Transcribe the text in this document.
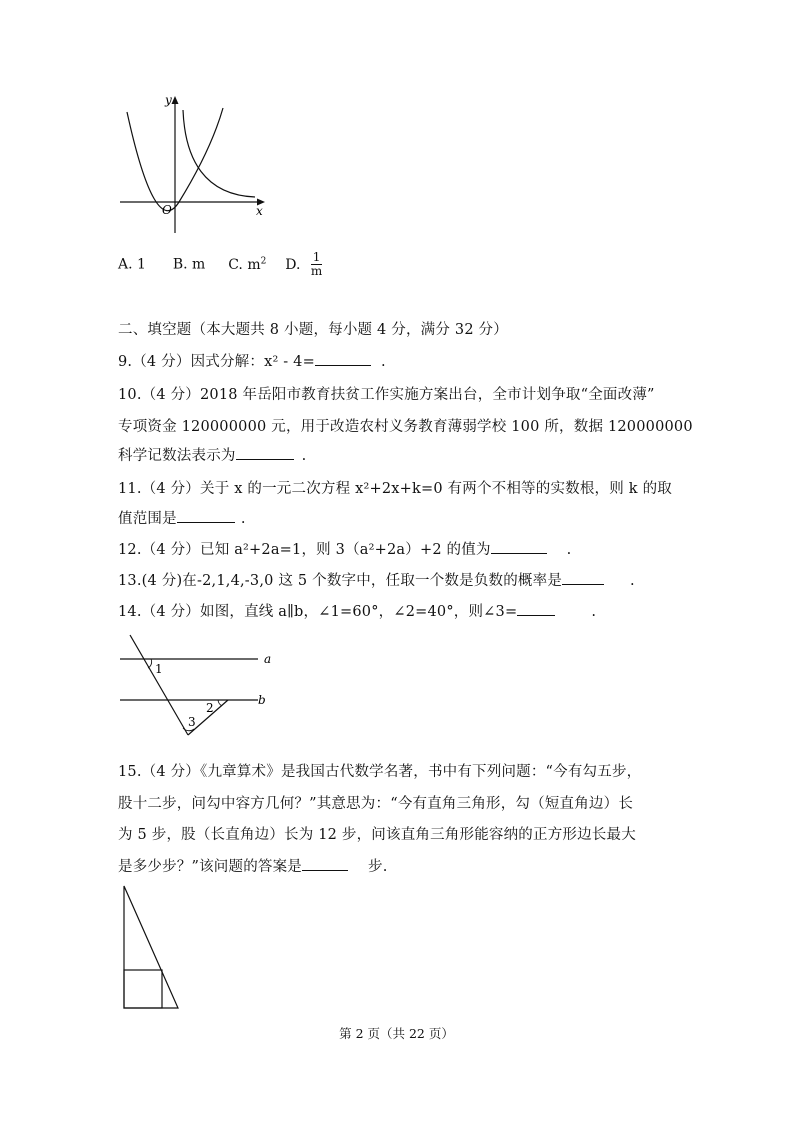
y
x
O
A. 1 B. m C. $m^2$ D. $\frac{1}{m}$
二、填空题（本大题共 8 小题，每小题 4 分，满分 32 分）
9.（4 分）因式分解：x² ‑ 4=	.
10.（4 分）2018 年岳阳市教育扶贫工作实施方案出台，全市计划争取“全面改薄”
专项资金 120000000 元，用于改造农村义务教育薄弱学校 100 所，数据 120000000
科学记数法表示为	.
11.（4 分）关于 x 的一元二次方程 x²+2x+k=0 有两个不相等的实数根，则 k 的取
值范围是	.
12.（4 分）已知 a²+2a=1，则 3（a²+2a）+2 的值为	.
13.(4 分)在‑2,1,4,‑3,0 这 5 个数字中，任取一个数是负数的概率是	.
14.（4 分）如图，直线 a∥b，∠1=60°，∠2=40°，则∠3=	.
a
b
1
2
3
15.（4 分）《九章算术》是我国古代数学名著，书中有下列问题：“今有勾五步，
股十二步，问勾中容方几何？”其意思为：“今有直角三角形，勾（短直角边）长
为 5 步，股（长直角边）长为 12 步，问该直角三角形能容纳的正方形边长最大
是多少步？”该问题的答案是	步.
第 2 页（共 22 页）
